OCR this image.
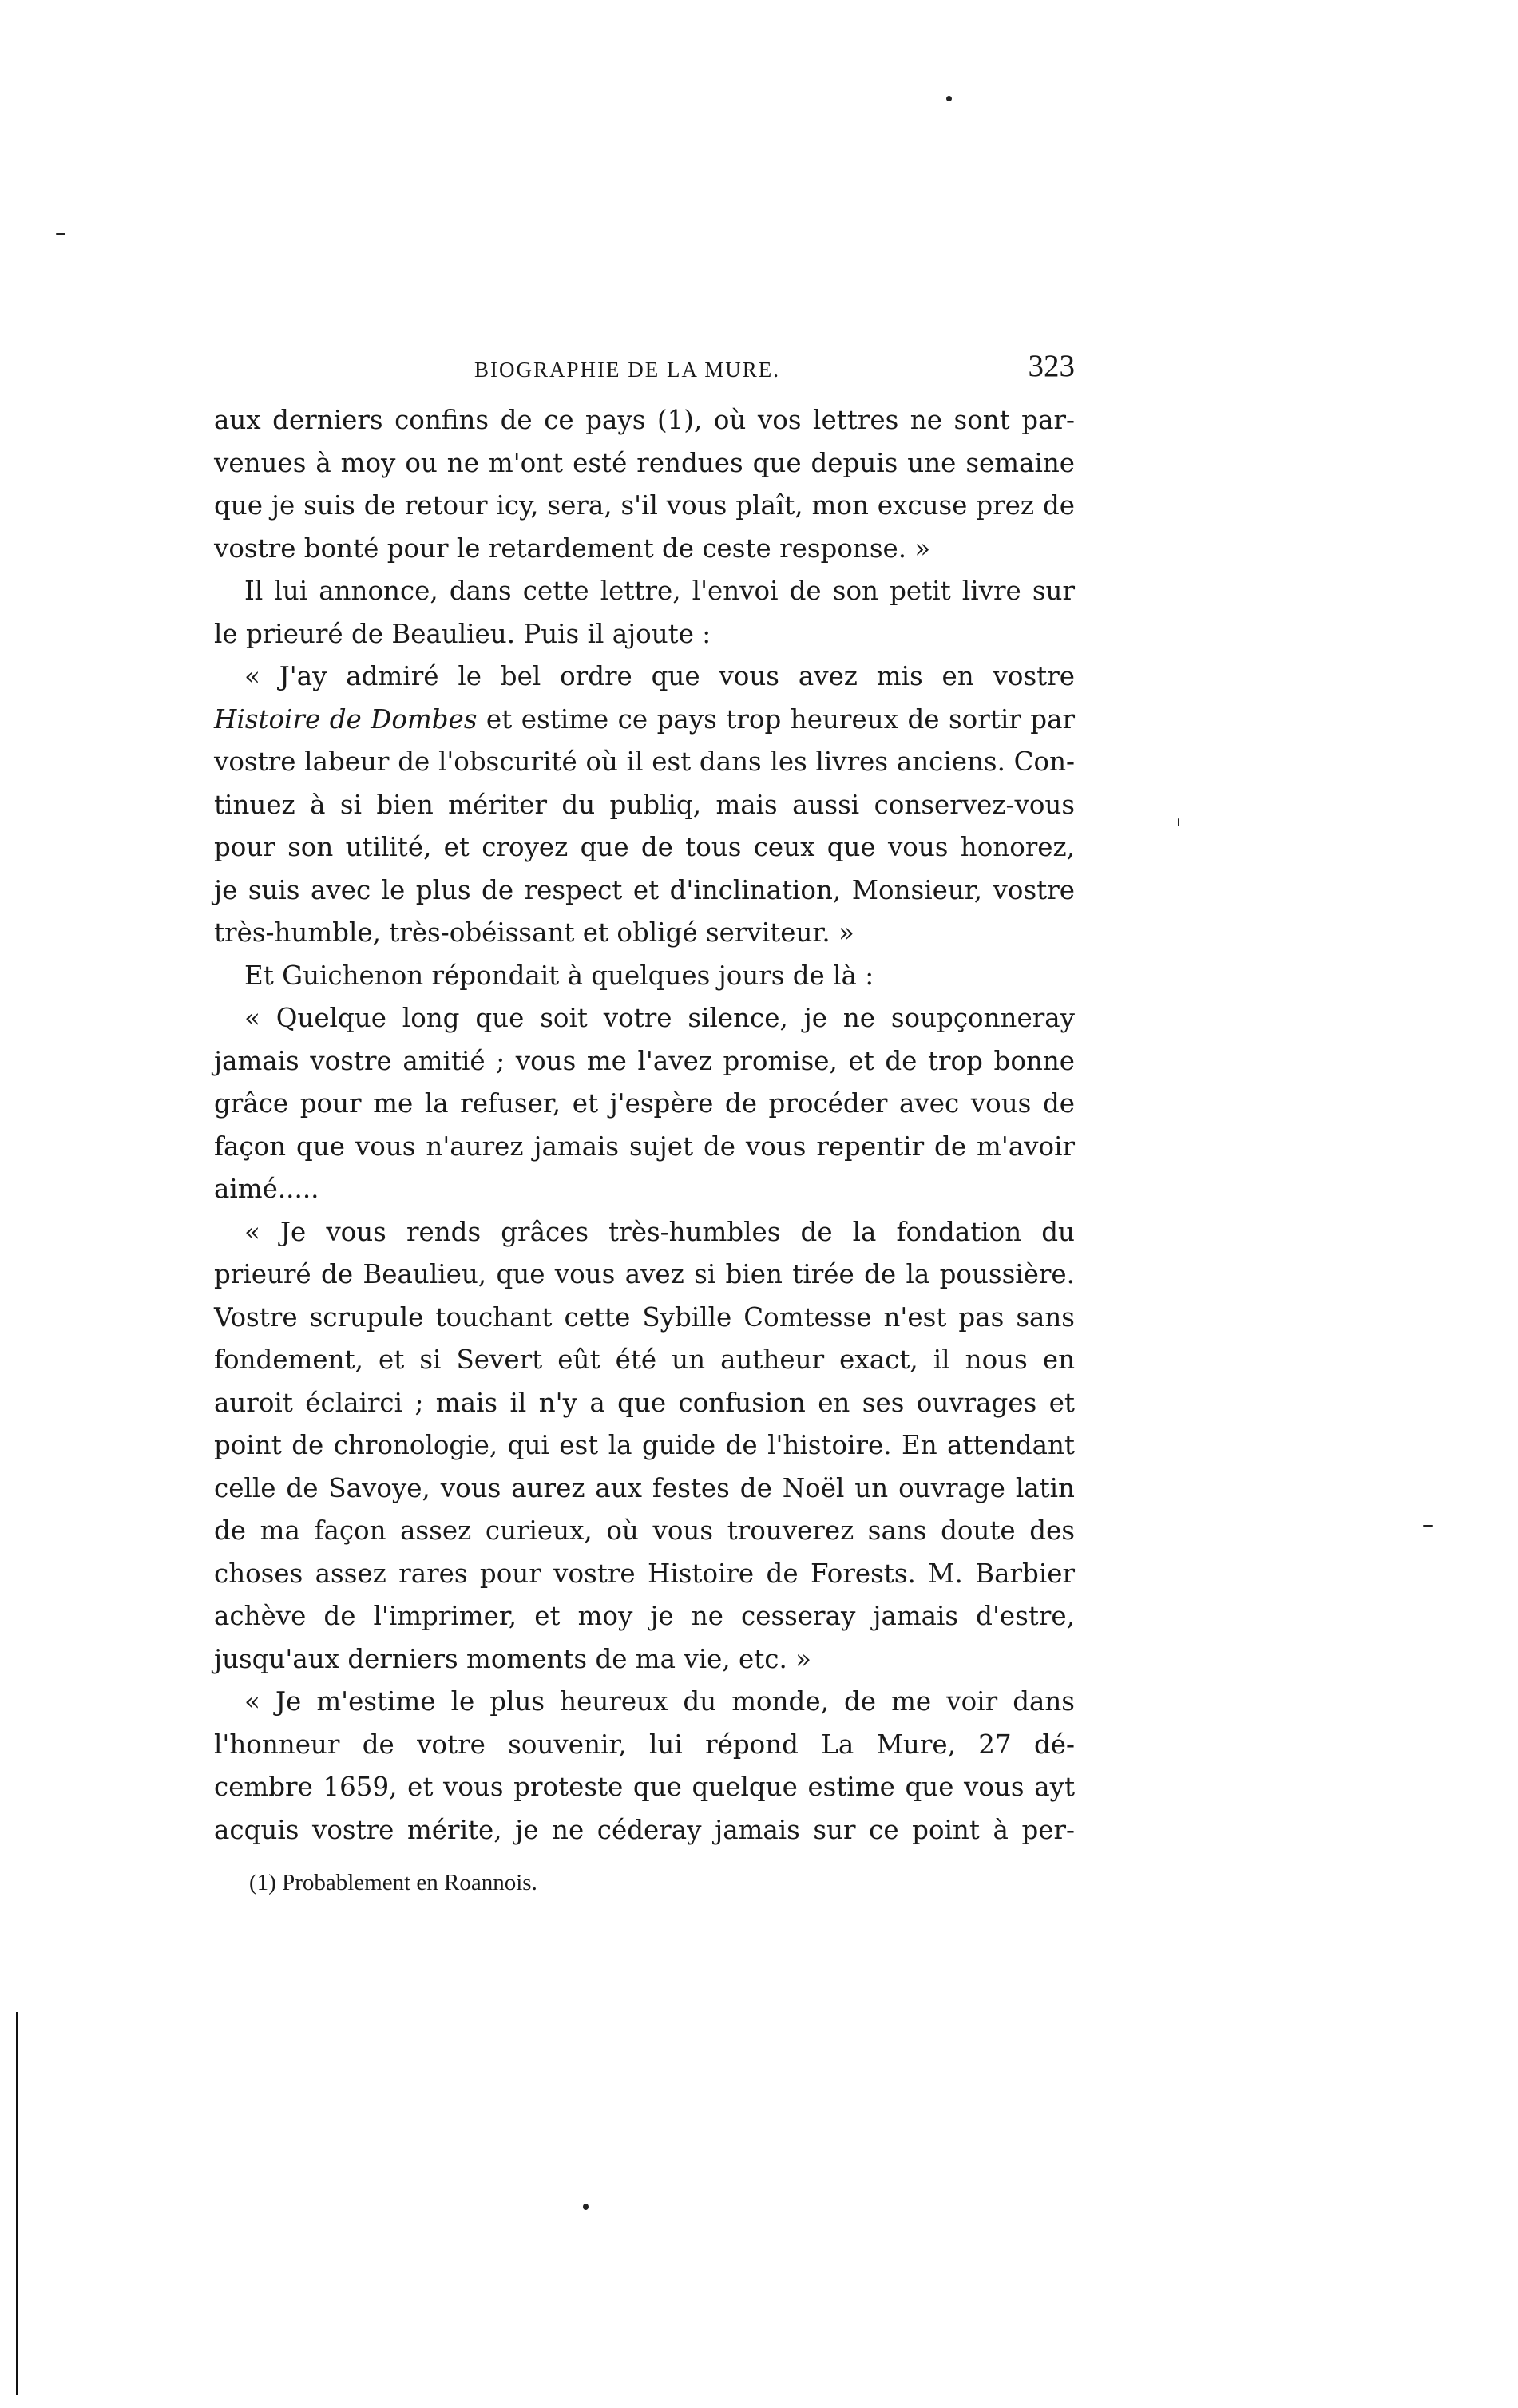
BIOGRAPHIE DE LA MURE.	323
aux derniers confins de ce pays (1), où vos lettres ne sont par-
venues à moy ou ne m'ont esté rendues que depuis une semaine
que je suis de retour icy, sera, s'il vous plaît, mon excuse prez de
vostre bonté pour le retardement de ceste response. »
Il lui annonce, dans cette lettre, l'envoi de son petit livre sur
le prieuré de Beaulieu. Puis il ajoute :
« J'ay admiré le bel ordre que vous avez mis en vostre
Histoire de Dombes et estime ce pays trop heureux de sortir par
vostre labeur de l'obscurité où il est dans les livres anciens. Con-
tinuez à si bien mériter du publiq, mais aussi conservez-vous
pour son utilité, et croyez que de tous ceux que vous honorez,
je suis avec le plus de respect et d'inclination, Monsieur, vostre
très-humble, très-obéissant et obligé serviteur. »
Et Guichenon répondait à quelques jours de là :
« Quelque long que soit votre silence, je ne soupçonneray
jamais vostre amitié ; vous me l'avez promise, et de trop bonne
grâce pour me la refuser, et j'espère de procéder avec vous de
façon que vous n'aurez jamais sujet de vous repentir de m'avoir
aimé.....
« Je vous rends grâces très-humbles de la fondation du
prieuré de Beaulieu, que vous avez si bien tirée de la poussière.
Vostre scrupule touchant cette Sybille Comtesse n'est pas sans
fondement, et si Severt eût été un autheur exact, il nous en
auroit éclairci ; mais il n'y a que confusion en ses ouvrages et
point de chronologie, qui est la guide de l'histoire. En attendant
celle de Savoye, vous aurez aux festes de Noël un ouvrage latin
de ma façon assez curieux, où vous trouverez sans doute des
choses assez rares pour vostre Histoire de Forests. M. Barbier
achève de l'imprimer, et moy je ne cesseray jamais d'estre,
jusqu'aux derniers moments de ma vie, etc. »
« Je m'estime le plus heureux du monde, de me voir dans
l'honneur de votre souvenir, lui répond La Mure, 27 dé-
cembre 1659, et vous proteste que quelque estime que vous ayt
acquis vostre mérite, je ne céderay jamais sur ce point à per-
(1) Probablement en Roannois.
